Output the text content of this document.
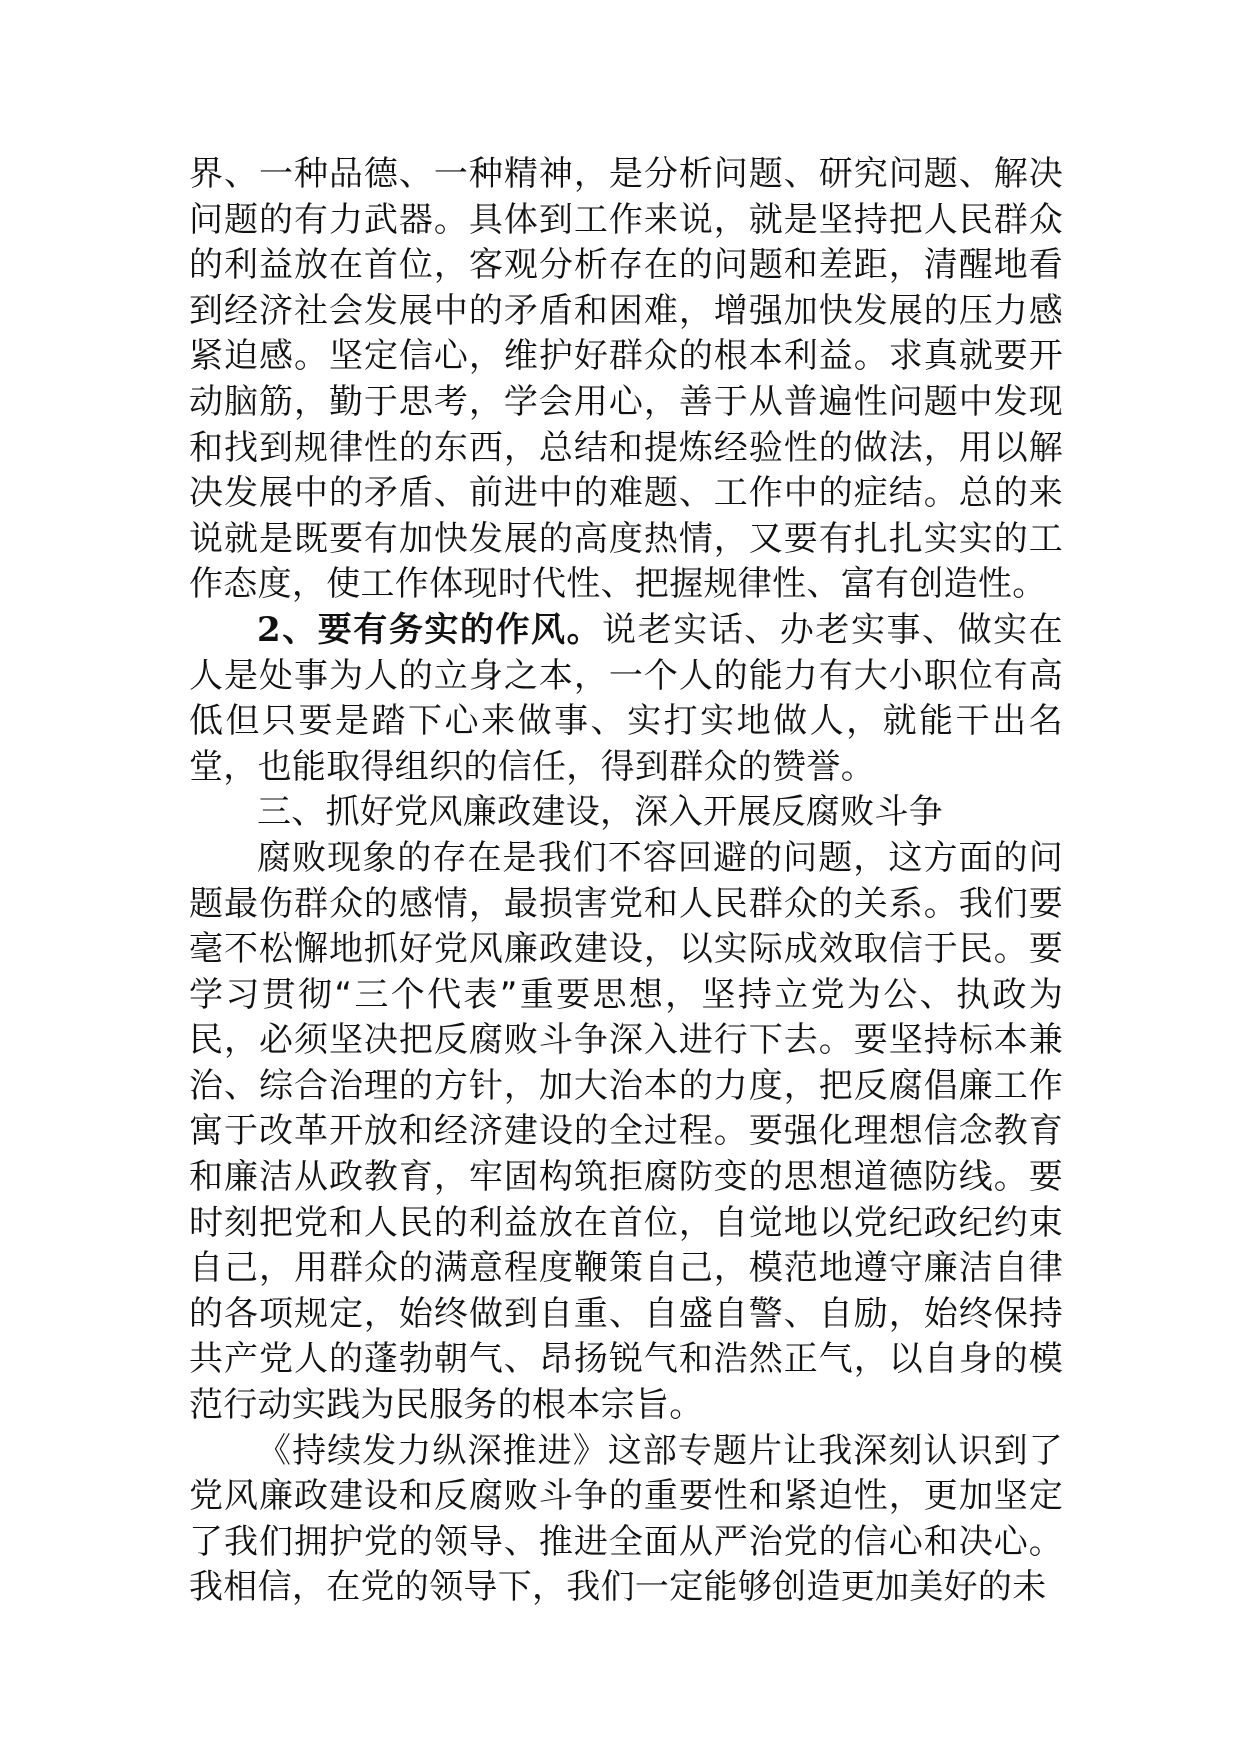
界、一种品德、一种精神，是分析问题、研究问题、解决问题的有力武器。具体到工作来说，就是坚持把人民群众的利益放在首位，客观分析存在的问题和差距，清醒地看到经济社会发展中的矛盾和困难，增强加快发展的压力感紧迫感。坚定信心，维护好群众的根本利益。求真就要开动脑筋，勤于思考，学会用心，善于从普遍性问题中发现和找到规律性的东西，总结和提炼经验性的做法，用以解决发展中的矛盾、前进中的难题、工作中的症结。总的来说就是既要有加快发展的高度热情，又要有扎扎实实的工作态度，使工作体现时代性、把握规律性、富有创造性。

2、要有务实的作风。说老实话、办老实事、做实在人是处事为人的立身之本，一个人的能力有大小职位有高低但只要是踏下心来做事、实打实地做人，就能干出名堂，也能取得组织的信任，得到群众的赞誉。

三、抓好党风廉政建设，深入开展反腐败斗争

腐败现象的存在是我们不容回避的问题，这方面的问题最伤群众的感情，最损害党和人民群众的关系。我们要毫不松懈地抓好党风廉政建设，以实际成效取信于民。要学习贯彻“三个代表”重要思想，坚持立党为公、执政为民，必须坚决把反腐败斗争深入进行下去。要坚持标本兼治、综合治理的方针，加大治本的力度，把反腐倡廉工作寓于改革开放和经济建设的全过程。要强化理想信念教育和廉洁从政教育，牢固构筑拒腐防变的思想道德防线。要时刻把党和人民的利益放在首位，自觉地以党纪政纪约束自己，用群众的满意程度鞭策自己，模范地遵守廉洁自律的各项规定，始终做到自重、自盛自警、自励，始终保持共产党人的蓬勃朝气、昂扬锐气和浩然正气，以自身的模范行动实践为民服务的根本宗旨。

《持续发力纵深推进》这部专题片让我深刻认识到了党风廉政建设和反腐败斗争的重要性和紧迫性，更加坚定了我们拥护党的领导、推进全面从严治党的信心和决心。我相信，在党的领导下，我们一定能够创造更加美好的未
